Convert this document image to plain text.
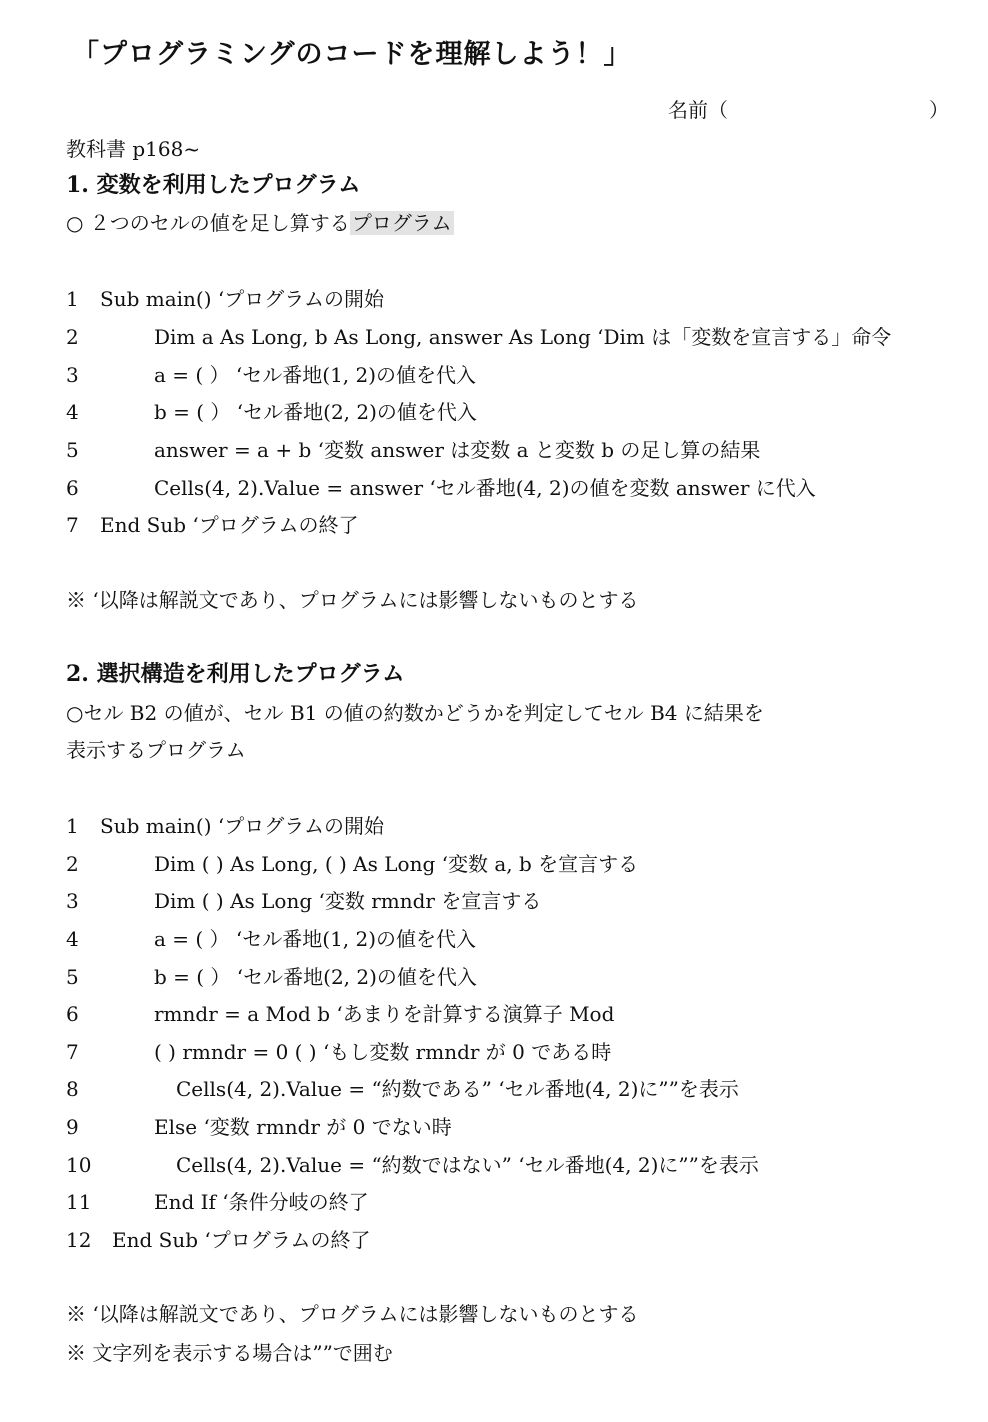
「プログラミングのコードを理解しよう！」
名前（	）
教科書 p168~
1. 変数を利用したプログラム
○ ２つのセルの値を足し算する プログラム
1 Sub main() ‘プログラムの開始
2	Dim a As Long, b As Long, answer As Long ‘Dim は「変数を宣言する」命令
3	a = ( ） ‘セル番地(1, 2)の値を代入
4	b = ( ） ‘セル番地(2, 2)の値を代入
5	answer = a + b ‘変数 answer は変数 a と変数 b の足し算の結果
6	Cells(4, 2).Value = answer ‘セル番地(4, 2)の値を変数 answer に代入
7 End Sub ‘プログラムの終了
※ ‘以降は解説文であり、プログラムには影響しないものとする
2. 選択構造を利用したプログラム
○セル B2 の値が、セル B1 の値の約数かどうかを判定してセル B4 に結果を
表示するプログラム
1 Sub main() ‘プログラムの開始
2	Dim ( ) As Long, ( ) As Long ‘変数 a, b を宣言する
3	Dim ( ) As Long ‘変数 rmndr を宣言する
4	a = ( ） ‘セル番地(1, 2)の値を代入
5	b = ( ） ‘セル番地(2, 2)の値を代入
6	rmndr = a Mod b ‘あまりを計算する演算子 Mod
7	( ) rmndr = 0 ( ) ‘もし変数 rmndr が 0 である時
8	Cells(4, 2).Value = “約数である” ‘セル番地(4, 2)に””を表示
9	Else ‘変数 rmndr が 0 でない時
10	Cells(4, 2).Value = “約数ではない” ‘セル番地(4, 2)に””を表示
11	End If ‘条件分岐の終了
12 End Sub ‘プログラムの終了
※ ‘以降は解説文であり、プログラムには影響しないものとする
※ 文字列を表示する場合は””で囲む
